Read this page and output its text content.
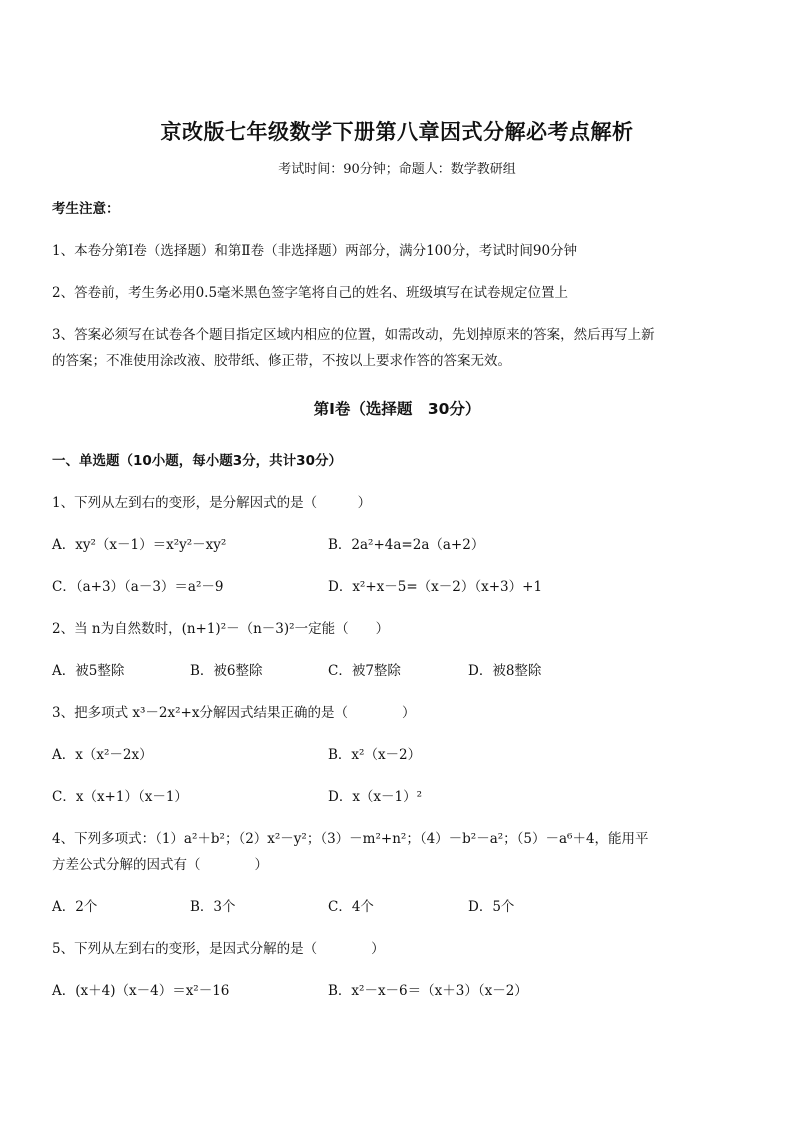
京改版七年级数学下册第八章因式分解必考点解析
考试时间：90分钟；命题人：数学教研组
考生注意：
1、本卷分第Ⅰ卷（选择题）和第Ⅱ卷（非选择题）两部分，满分100分，考试时间90分钟
2、答卷前，考生务必用0.5毫米黑色签字笔将自己的姓名、班级填写在试卷规定位置上
3、答案必须写在试卷各个题目指定区域内相应的位置，如需改动，先划掉原来的答案，然后再写上新
的答案；不准使用涂改液、胶带纸、修正带，不按以上要求作答的答案无效。
第Ⅰ卷（选择题　30分）
一、单选题（10小题，每小题3分，共计30分）
1、下列从左到右的变形，是分解因式的是（　　　）
A．xy²（x－1）＝x²y²－xy²	B．2a²+4a=2a（a+2）
C．（a+3）（a－3）＝a²－9	D．x²+x－5=（x－2）（x+3）+1
2、当 n为自然数时，(n+1)²－（n－3)²一定能（　　）
A．被5整除	B．被6整除	C．被7整除	D．被8整除
3、把多项式 x³－2x²+x分解因式结果正确的是（　　　　）
A．x（x²－2x）	B．x²（x－2）
C．x（x+1）（x－1）	D．x（x－1）²
4、下列多项式：（1）a²＋b²；（2）x²－y²；（3）－m²+n²；（4）－b²－a²；（5）－a⁶＋4，能用平
方差公式分解的因式有（　　　　）
A．2个	B．3个	C．4个	D．5个
5、下列从左到右的变形，是因式分解的是（　　　　）
A．(x＋4)（x－4）＝x²－16	B．x²－x－6＝（x＋3）（x－2）
